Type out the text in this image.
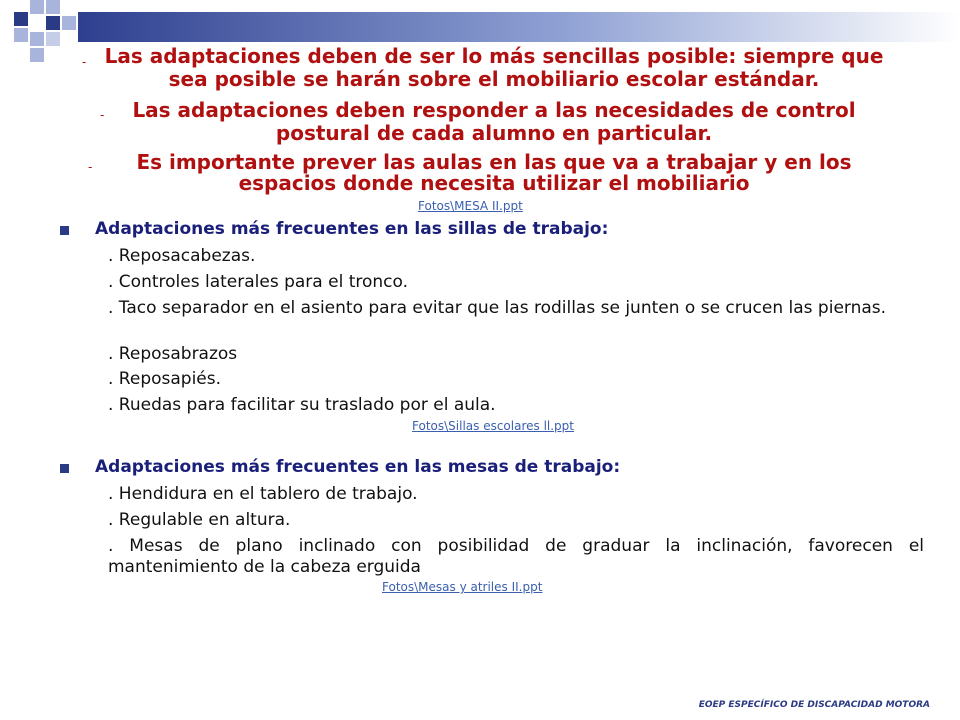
- Las adaptaciones deben de ser lo más sencillas posible: siempre que
sea posible se harán sobre el mobiliario escolar estándar.
-	Las adaptaciones deben responder a las necesidades de control
postural de cada alumno en particular.
-	Es importante prever las aulas en las que va a trabajar y en los
espacios donde necesita utilizar el mobiliario
Fotos\MESA II.ppt
Adaptaciones más frecuentes en las sillas de trabajo:
. Reposacabezas.
. Controles laterales para el tronco.
. Taco separador en el asiento para evitar que las rodillas se junten o se crucen las piernas.
. Reposabrazos
. Reposapiés.
. Ruedas para facilitar su traslado por el aula.
Fotos\Sillas escolares ll.ppt
Adaptaciones más frecuentes en las mesas de trabajo:
. Hendidura en el tablero de trabajo.
. Regulable en altura.
. Mesas de plano inclinado con posibilidad de graduar la inclinación, favorecen el mantenimiento de la cabeza erguida
Fotos\Mesas y atriles II.ppt
EOEP ESPECÍFICO DE DISCAPACIDAD MOTORA
